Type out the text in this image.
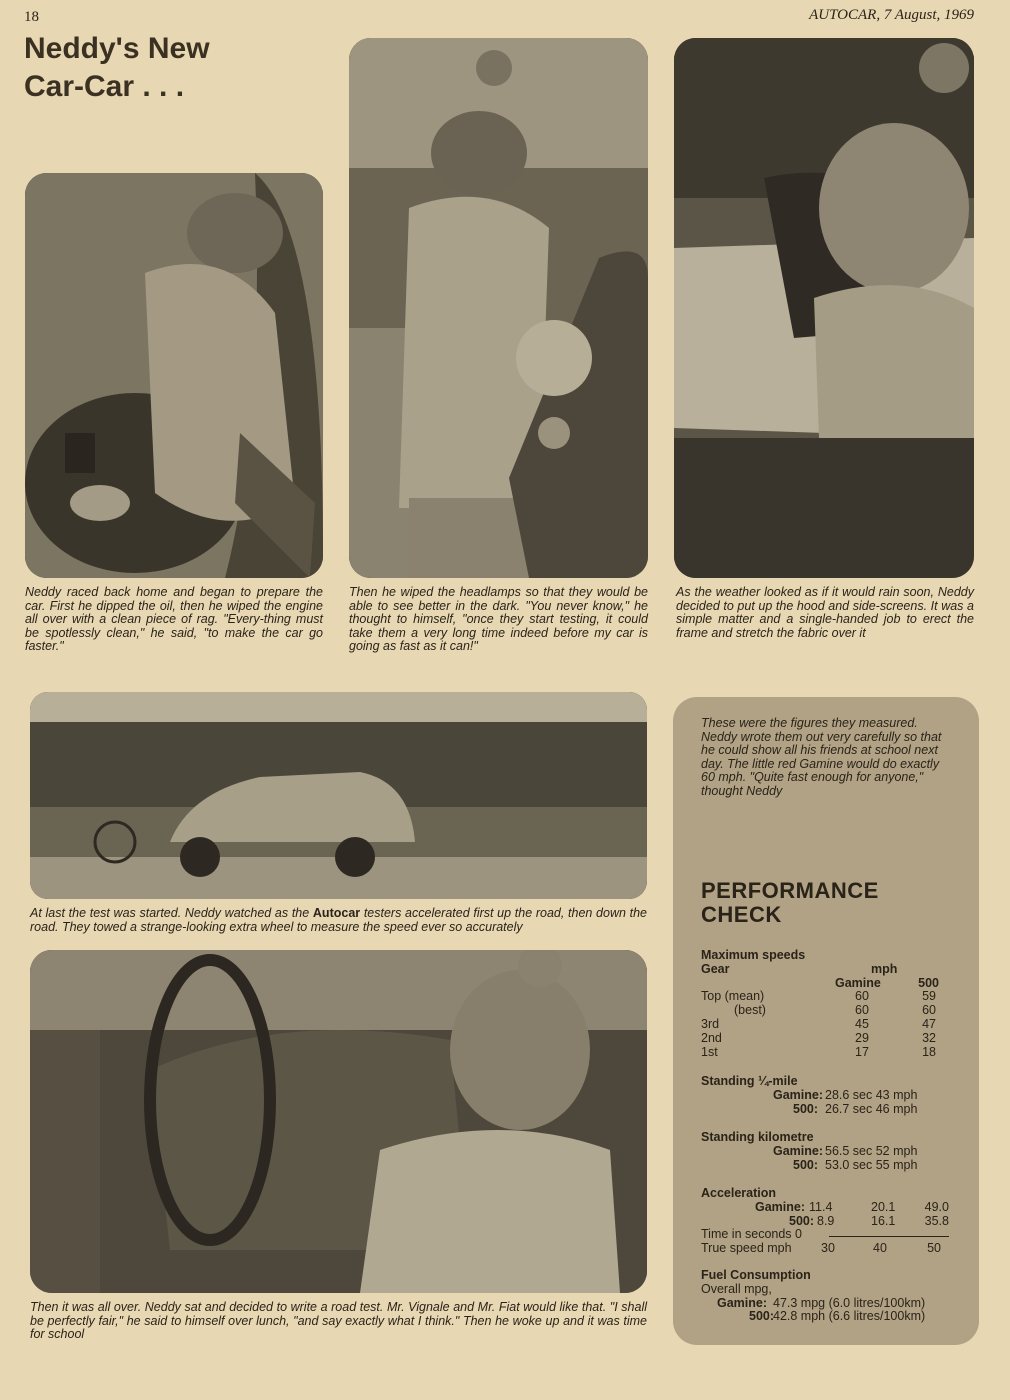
18	AUTOCAR, 7 August, 1969
Neddy's New
Car-Car . . .
Neddy raced back home and began to prepare the car. First he dipped the oil, then he wiped the engine all over with a clean piece of rag. "Every-thing must be spotlessly clean," he said, "to make the car go faster."
Then he wiped the headlamps so that they would be able to see better in the dark. "You never know," he thought to himself, "once they start testing, it could take them a very long time indeed before my car is going as fast as it can!"
As the weather looked as if it would rain soon, Neddy decided to put up the hood and side-screens. It was a simple matter and a single-handed job to erect the frame and stretch the fabric over it
At last the test was started. Neddy watched as the Autocar testers accelerated first up the road, then down the road. They towed a strange-looking extra wheel to measure the speed ever so accurately
Then it was all over. Neddy sat and decided to write a road test. Mr. Vignale and Mr. Fiat would like that. "I shall be perfectly fair," he said to himself over lunch, "and say exactly what I think." Then he woke up and it was time for school
These were the figures they measured. Neddy wrote them out very carefully so that he could show all his friends at school next day. The little red Gamine would do exactly 60 mph. "Quite fast enough for anyone," thought Neddy
PERFORMANCE
CHECK
Maximum speeds
Gear	mph
Gamine	500
Top (mean)	60	59
(best)	60	60
3rd	45	47
2nd	29	32
1st	17	18
Standing ¼-mile
Gamine: 28.6 sec 43 mph
500: 26.7 sec 46 mph
Standing kilometre
Gamine: 56.5 sec 52 mph
500: 53.0 sec 55 mph
Acceleration
Gamine: 11.4	20.1 49.0
500: 8.9	16.1 35.8
Time in seconds 0
True speed mph 30	40	50
Fuel Consumption
Overall mpg,
Gamine: 47.3 mpg (6.0 litres/100km)
500:
42.8 mph (6.6 litres/100km)
